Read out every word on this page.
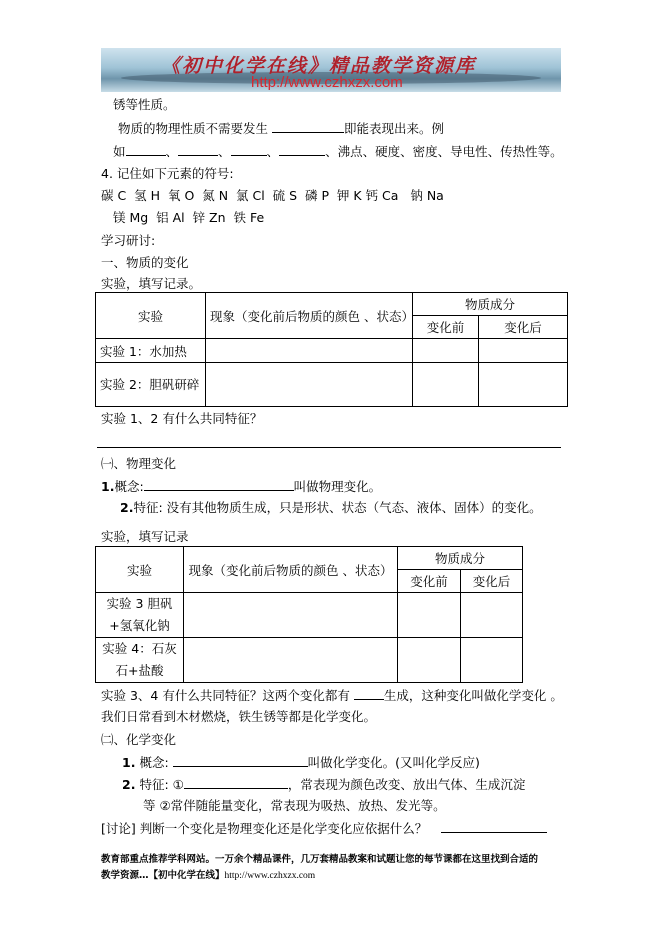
《初中化学在线》精品教学资源库
http://www.czhxzx.com
锈等性质。
物质的物理性质不需要发生	即能表现出来。例
如	、	、	、	、沸点、硬度、密度、导电性、传热性等。
4. 记住如下元素的符号:
碳 C  氢 H  氧 O  氮 N  氯 Cl  硫 S  磷 P  钾 K 钙 Ca   钠 Na
镁 Mg  铝 Al  锌 Zn  铁 Fe
学习研讨:
一、物质的变化
实验，填写记录。
实验	现象（变化前后物质的颜色 、状态）	物质成分	
		变化前	变化后
实验 1：水加热			
实验 2：胆矾研碎			
实验 1、2 有什么共同特征？
㈠、物理变化
1.概念:	叫做物理变化。
2.特征: 没有其他物质生成，只是形状、状态（气态、液体、固体）的变化。
实验，填写记录
实验	现象（变化前后物质的颜色 、状态）	物质成分	
		变化前	变化后
实验 3 胆矾+氢氧化钠			
实验 4：石灰石+盐酸			
实验 3、4 有什么共同特征？这两个变化都有	生成，这种变化叫做化学变化 。
我们日常看到木材燃烧，铁生锈等都是化学变化。
㈡、化学变化
1. 概念:	叫做化学变化。(又叫化学反应)
2. 特征: ①	，常表现为颜色改变、放出气体、生成沉淀
等 ②常伴随能量变化，常表现为吸热、放热、发光等。
[讨论] 判断一个变化是物理变化还是化学变化应依据什么？
教育部重点推荐学科网站。一万余个精品课件，几万套精品教案和试题让您的每节课都在这里找到合适的
教学资源…【初中化学在线】http://www.czhxzx.com
